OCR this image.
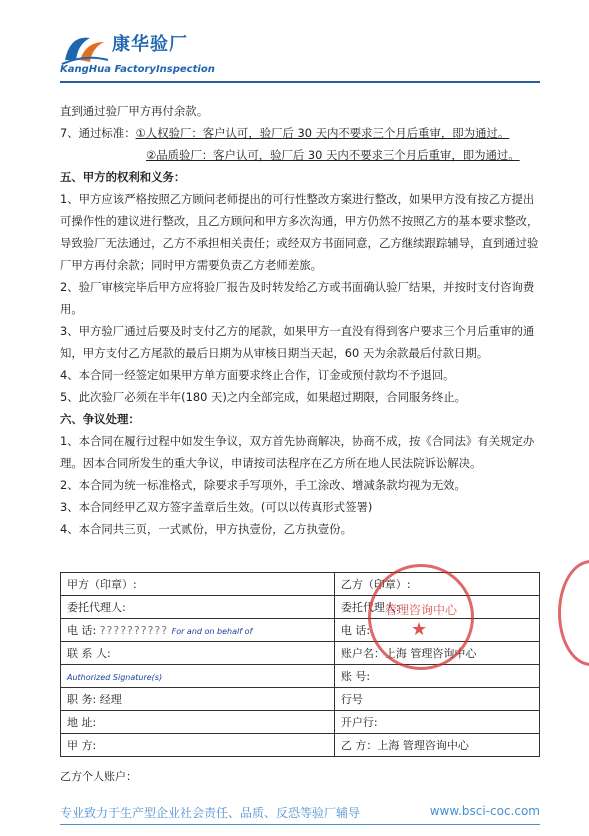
康华验厂
KangHua FactoryInspection

直到通过验厂甲方再付余款。

7、通过标准：①人权验厂：客户认可，验厂后 30 天内不要求三个月后重审，即为通过。

②品质验厂：客户认可，验厂后 30 天内不要求三个月后重审，即为通过。

五、甲方的权利和义务：

1、甲方应该严格按照乙方顾问老师提出的可行性整改方案进行整改，如果甲方没有按乙方提出可操作性的建议进行整改，且乙方顾问和甲方多次沟通，甲方仍然不按照乙方的基本要求整改，导致验厂无法通过，乙方不承担相关责任；或经双方书面同意，乙方继续跟踪辅导，直到通过验厂甲方再付余款；同时甲方需要负责乙方老师差旅。

2、验厂审核完毕后甲方应将验厂报告及时转发给乙方或书面确认验厂结果，并按时支付咨询费用。

3、甲方验厂通过后要及时支付乙方的尾款，如果甲方一直没有得到客户要求三个月后重审的通知，甲方支付乙方尾款的最后日期为从审核日期当天起，60 天为余款最后付款日期。

4、本合同一经签定如果甲方单方面要求终止合作，订金或预付款均不予退回。

5、此次验厂必须在半年(180 天)之内全部完成，如果超过期限，合同服务终止。

六、争议处理：

1、本合同在履行过程中如发生争议，双方首先协商解决，协商不成，按《合同法》有关规定办理。因本合同所发生的重大争议，申请按司法程序在乙方所在地人民法院诉讼解决。

2、本合同为统一标准格式，除要求手写项外，手工涂改、增减条款均视为无效。

3、本合同经甲乙双方签字盖章后生效。(可以以传真形式签署)

4、本合同共三页，一式贰份，甲方执壹份，乙方执壹份。

甲方（印章）:	乙方（印章）:
委托代理人:	委托代理人:
电 话: ?????????? For and on behalf of	电 话:
联 系 人:	账户名：上海 管理咨询中心
Authorized Signature(s)	账 号:
职 务: 经理	行号
地 址:	开户行:
甲 方:	乙 方：上海 管理咨询中心
管理咨询中心
★
乙方个人账户：
专业致力于生产型企业社会责任、品质、反恐等验厂辅导	www.bsci-coc.com
